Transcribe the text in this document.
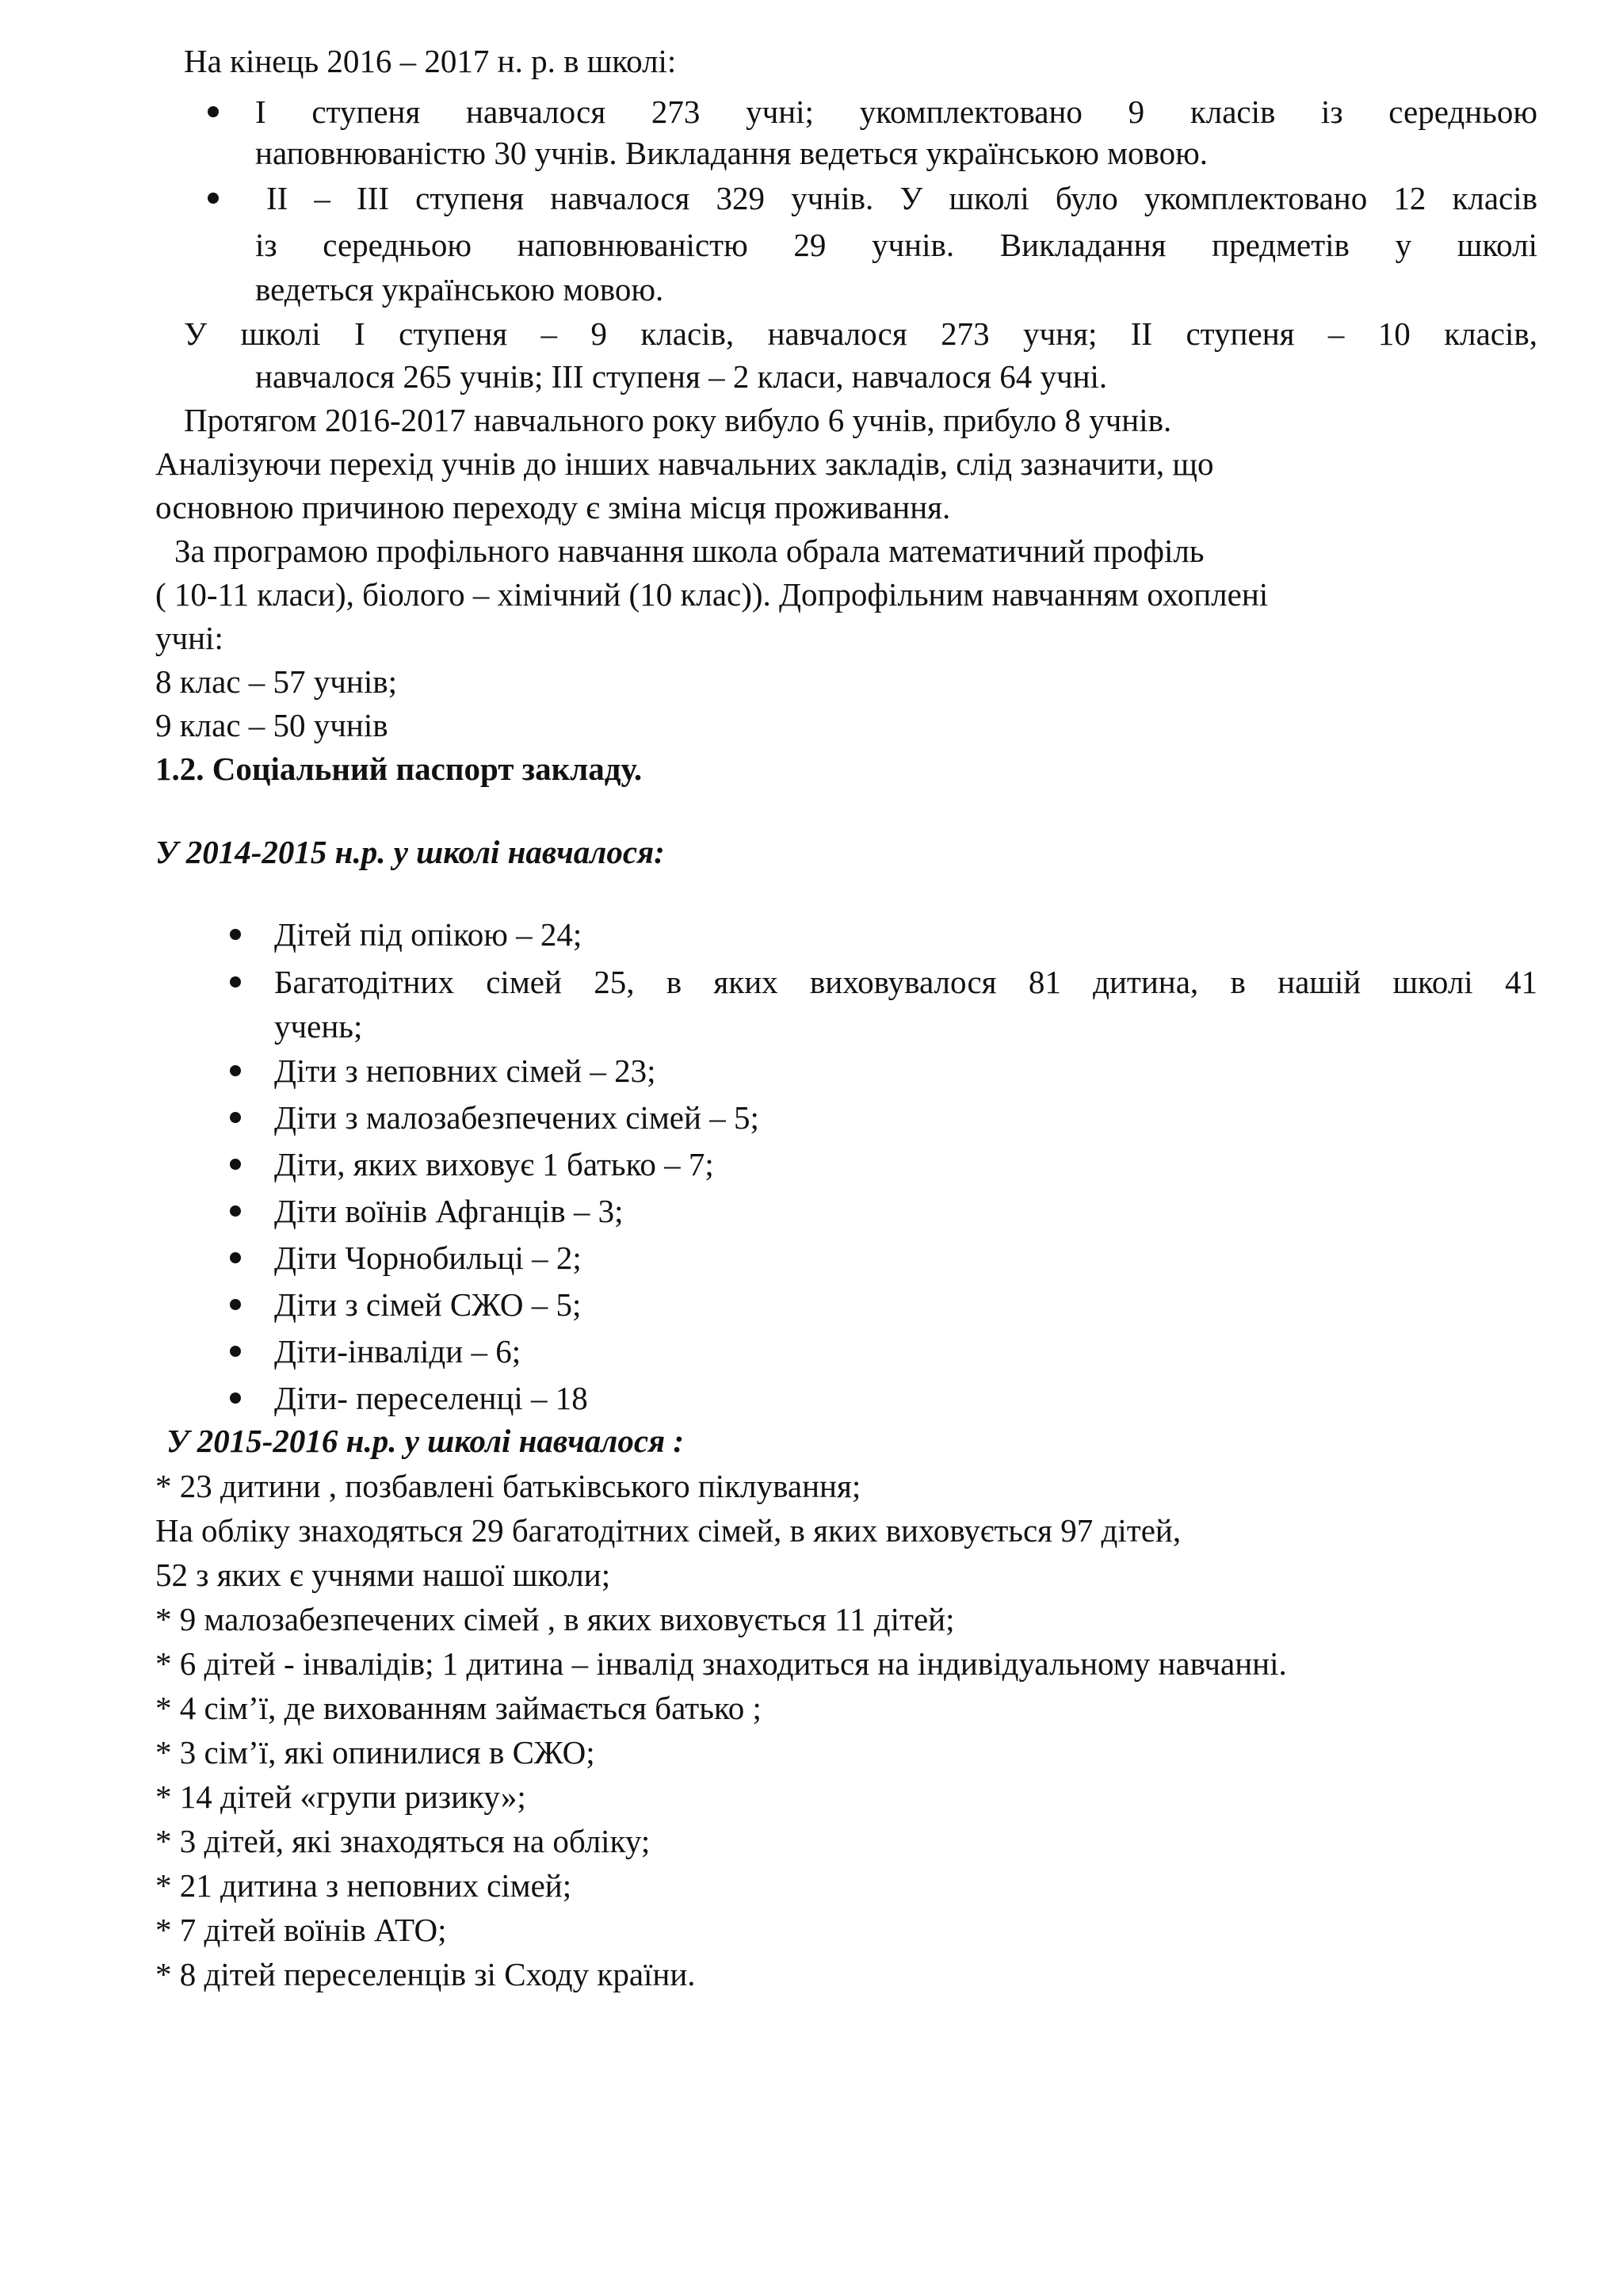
На кінець 2016 – 2017 н. р. в школі:

І ступеня навчалося 273 учні; укомплектовано 9 класів із середньою

наповнюваністю 30 учнів. Викладання ведеться українською мовою.

ІІ – ІІІ ступеня навчалося 329 учнів. У школі було укомплектовано 12 класів

із середньою наповнюваністю 29 учнів. Викладання предметів у школі

ведеться українською мовою.

У школі І ступеня – 9 класів, навчалося 273 учня; ІІ ступеня – 10 класів,

навчалося 265 учнів; ІІІ ступеня – 2 класи, навчалося 64 учні.

Протягом 2016-2017 навчального року вибуло 6 учнів, прибуло 8 учнів.

Аналізуючи перехід учнів до інших навчальних закладів, слід зазначити, що

основною причиною переходу є зміна місця проживання.

За програмою профільного навчання школа обрала математичний профіль

( 10-11 класи), біолого – хімічний (10 клас)). Допрофільним навчанням охоплені

учні:

8 клас – 57 учнів;

9 клас – 50 учнів

1.2. Соціальний паспорт закладу.

У 2014-2015 н.р. у школі навчалося:

Дітей під опікою – 24;

Багатодітних сімей 25, в яких виховувалося 81 дитина, в нашій школі 41

учень;

Діти з неповних сімей – 23;

Діти з малозабезпечених сімей – 5;

Діти, яких виховує 1 батько – 7;

Діти воїнів Афганців – 3;

Діти Чорнобильці – 2;

Діти з сімей СЖО – 5;

Діти-інваліди – 6;

Діти- переселенці – 18

У 2015-2016 н.р. у школі навчалося :

* 23 дитини , позбавлені батьківського піклування;

На обліку знаходяться 29 багатодітних сімей, в яких виховується 97 дітей,

52 з яких є учнями нашої школи;

* 9 малозабезпечених сімей , в яких виховується 11 дітей;

* 6 дітей - інвалідів; 1 дитина – інвалід знаходиться на індивідуальному навчанні.

* 4 сім’ї, де вихованням займається батько ;

* 3 сім’ї, які опинилися в СЖО;

* 14 дітей «групи ризику»;

* 3 дітей, які знаходяться на обліку;

* 21 дитина з неповних сімей;

* 7 дітей воїнів АТО;

* 8 дітей переселенців зі Сходу країни.
